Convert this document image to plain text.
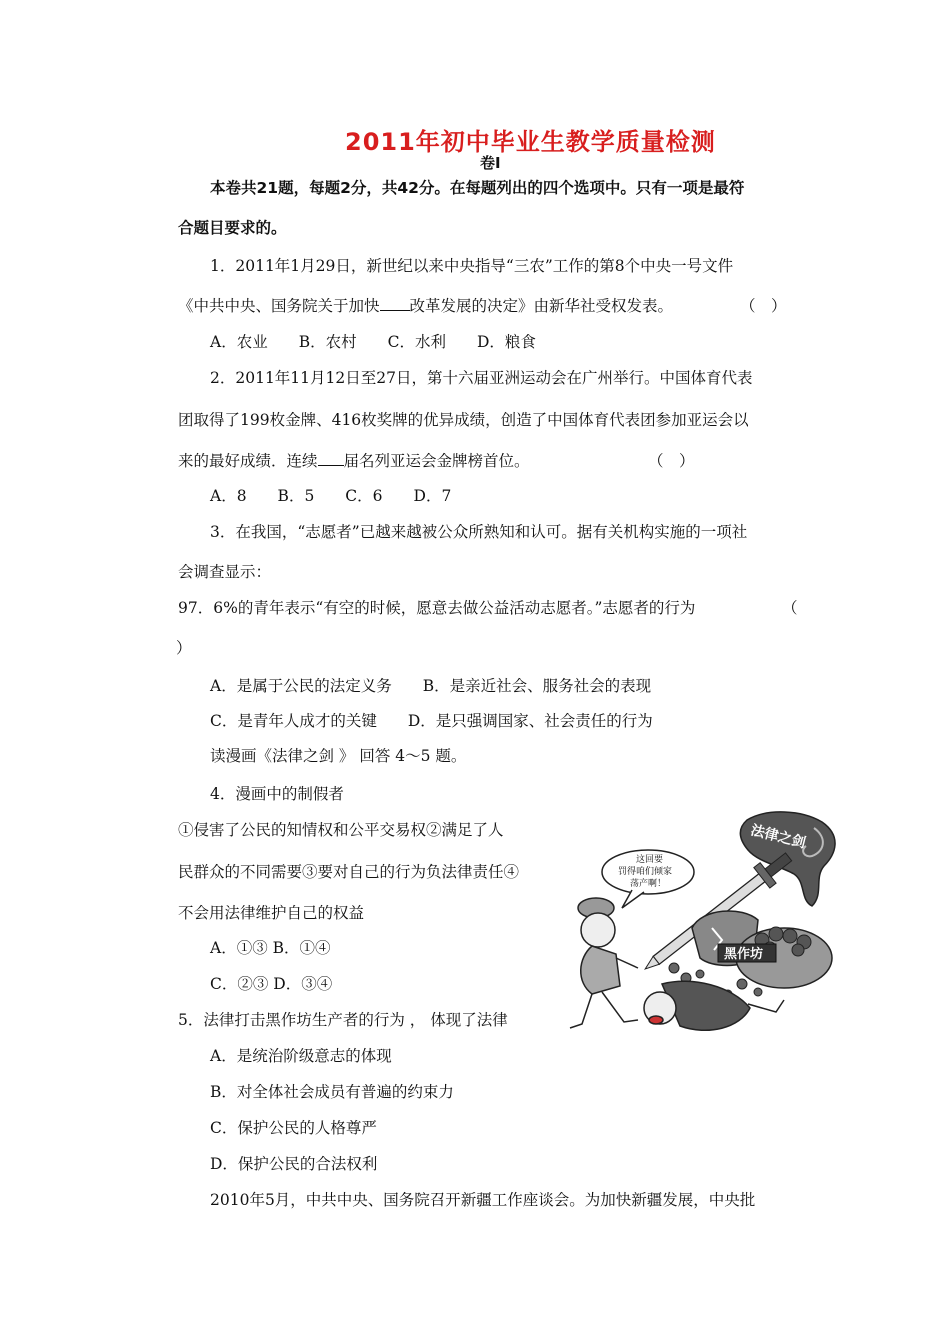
2011年初中毕业生教学质量检测
卷I
本卷共21题，每题2分，共42分。在每题列出的四个选项中。只有一项是最符
合题目要求的。
1．2011年1月29日，新世纪以来中央指导“三农”工作的第8个中央一号文件
《中共中央、国务院关于加快 改革发展的决定》由新华社受权发表。	（　）
A．农业　　B．农村　　C．水利　　D．粮食
2．2011年11月12日至27日，第十六届亚洲运动会在广州举行。中国体育代表
团取得了199枚金牌、416枚奖牌的优异成绩，创造了中国体育代表团参加亚运会以
来的最好成绩．连续 届名列亚运会金牌榜首位。	（　）
A．8　　B．5　　C．6　　D．7
3．在我国，“志愿者”已越来越被公众所熟知和认可。据有关机构实施的一项社
会调查显示：
97．6%的青年表示“有空的时候，愿意去做公益活动志愿者。”志愿者的行为	（
）
A．是属于公民的法定义务　　B．是亲近社会、服务社会的表现
C．是青年人成才的关键　　D．是只强调国家、社会责任的行为
读漫画《法律之剑 》 回答 4～5 题。
4．漫画中的制假者
①侵害了公民的知情权和公平交易权②满足了人
民群众的不同需要③要对自己的行为负法律责任④
不会用法律维护自己的权益
A．①③ B．①④
C．②③ D．③④
5．法律打击黑作坊生产者的行为 ， 体现了法律
A．是统治阶级意志的体现
B．对全体社会成员有普遍的约束力
C．保护公民的人格尊严
D．保护公民的合法权利
2010年5月，中共中央、国务院召开新疆工作座谈会。为加快新疆发展，中央批
法律之剑
这回要
罚得咱们倾家
荡产啊！
黑作坊
